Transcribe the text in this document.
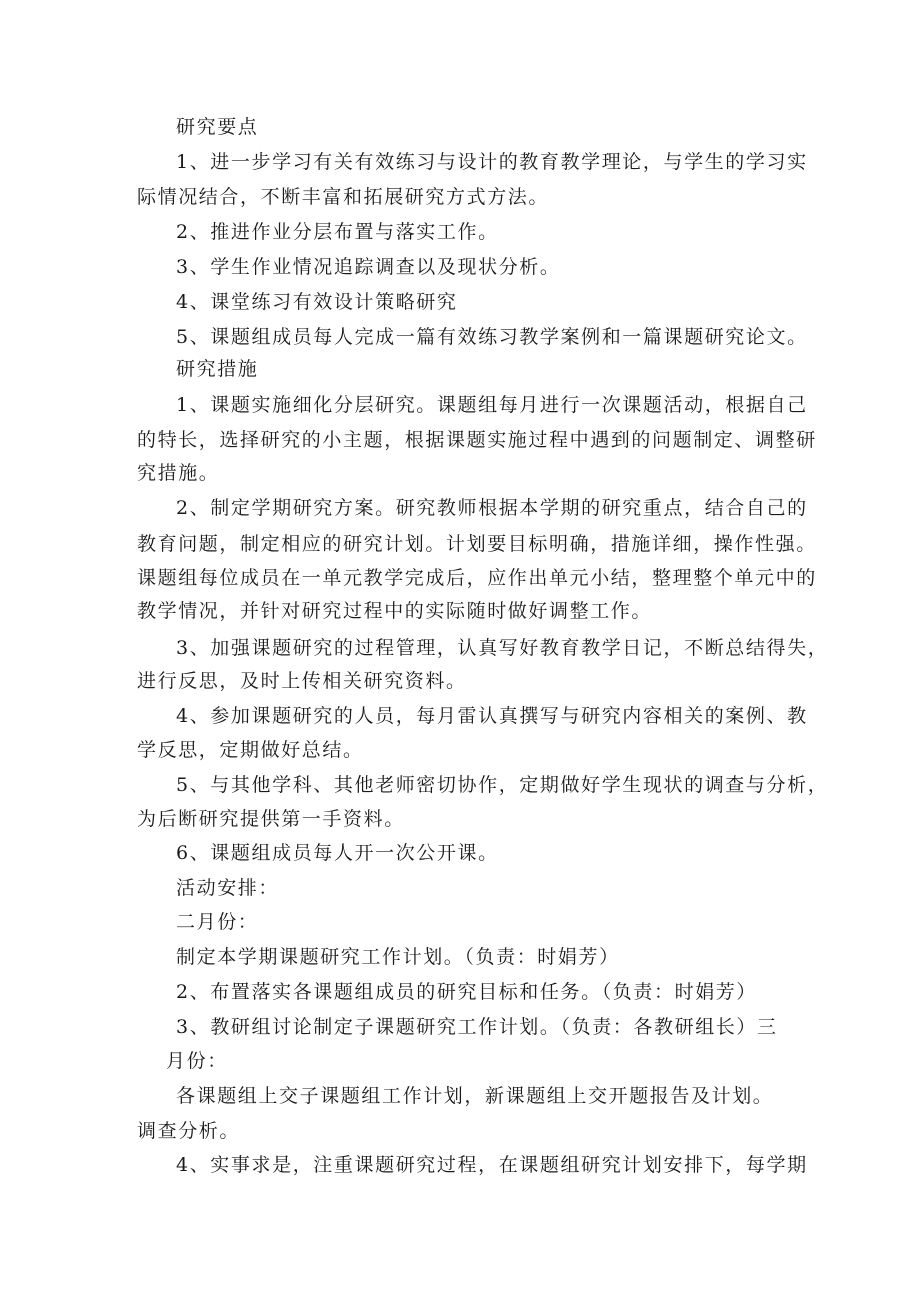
研究要点
1、进一步学习有关有效练习与设计的教育教学理论，与学生的学习实
际情况结合，不断丰富和拓展研究方式方法。
2、推进作业分层布置与落实工作。
3、学生作业情况追踪调查以及现状分析。
4、课堂练习有效设计策略研究
5、课题组成员每人完成一篇有效练习教学案例和一篇课题研究论文。
研究措施
1、课题实施细化分层研究。课题组每月进行一次课题活动，根据自己
的特长，选择研究的小主题，根据课题实施过程中遇到的问题制定、调整研
究措施。
2、制定学期研究方案。研究教师根据本学期的研究重点，结合自己的
教育问题，制定相应的研究计划。计划要目标明确，措施详细，操作性强。
课题组每位成员在一单元教学完成后，应作出单元小结，整理整个单元中的
教学情况，并针对研究过程中的实际随时做好调整工作。
3、加强课题研究的过程管理，认真写好教育教学日记，不断总结得失，
进行反思，及时上传相关研究资料。
4、参加课题研究的人员，每月雷认真撰写与研究内容相关的案例、教
学反思，定期做好总结。
5、与其他学科、其他老师密切协作，定期做好学生现状的调查与分析，
为后断研究提供第一手资料。
6、课题组成员每人开一次公开课。
活动安排：
二月份：
制定本学期课题研究工作计划。（负责：时娟芳）
2、布置落实各课题组成员的研究目标和任务。（负责：时娟芳）
3、教研组讨论制定子课题研究工作计划。（负责：各教研组长）三
月份：
各课题组上交子课题组工作计划，新课题组上交开题报告及计划。
调查分析。
4、实事求是，注重课题研究过程，在课题组研究计划安排下，每学期
